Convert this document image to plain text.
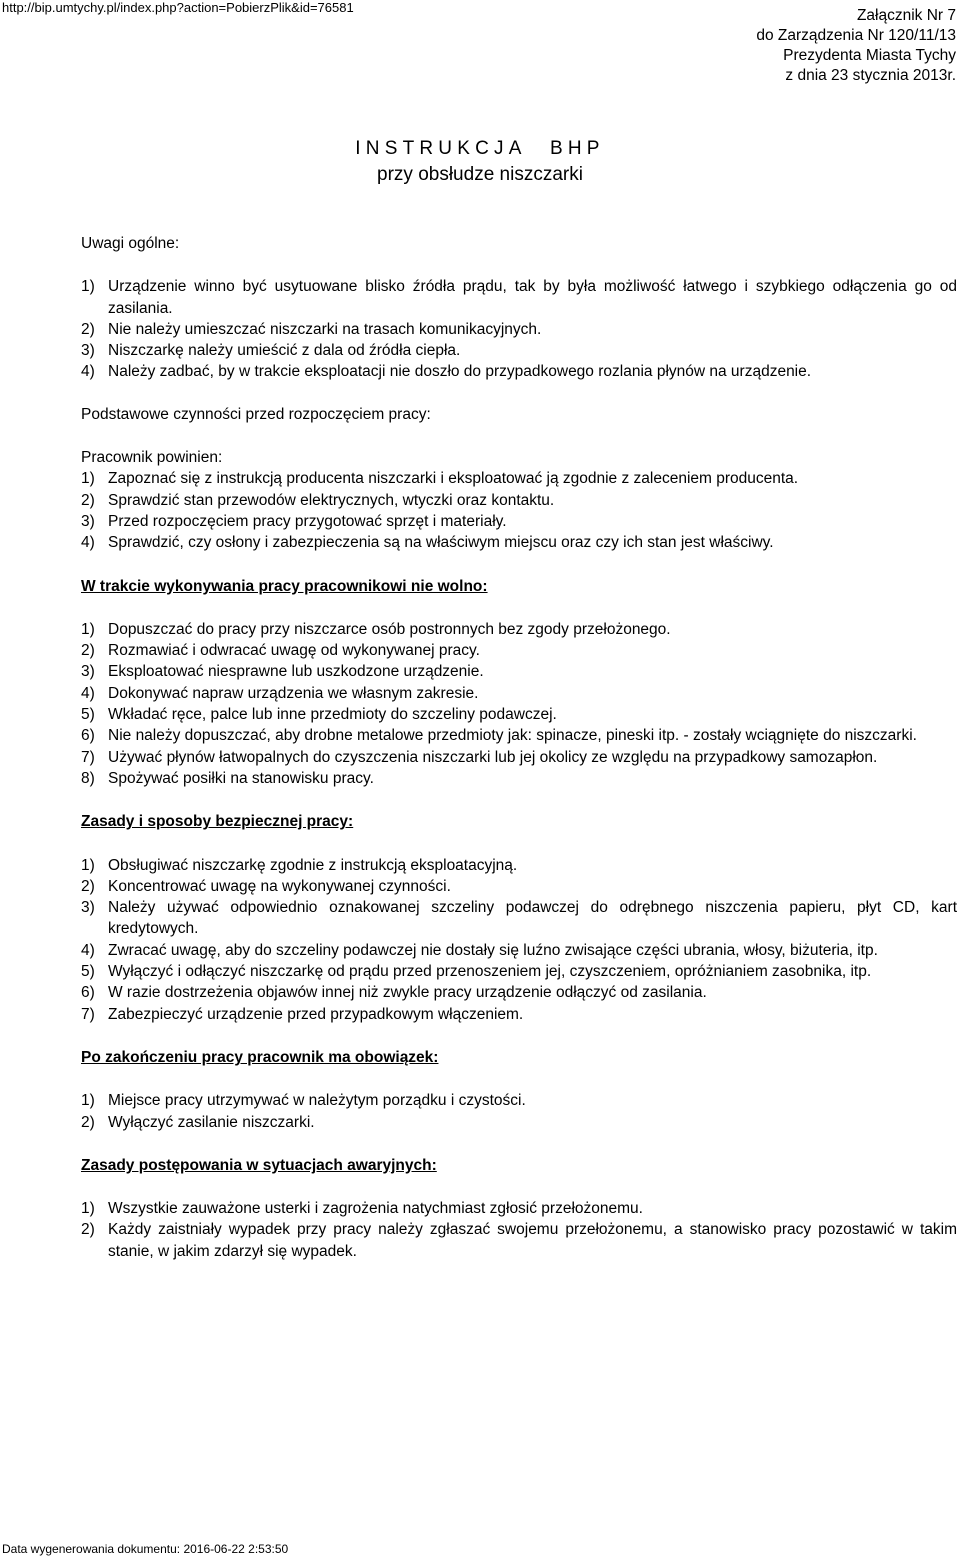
http://bip.umtychy.pl/index.php?action=PobierzPlik&id=76581	Załącznik Nr 7
do Zarządzenia Nr 120/11/13
Prezydenta Miasta Tychy
z dnia 23 stycznia 2013r.
INSTRUKCJA BHP
przy obsłudze niszczarki

Uwagi ogólne:

1) Urządzenie winno być usytuowane blisko źródła prądu, tak by była możliwość łatwego i szybkiego odłączenia go od zasilania.
2) Nie należy umieszczać niszczarki na trasach komunikacyjnych.
3) Niszczarkę należy umieścić z dala od źródła ciepła.
4) Należy zadbać, by w trakcie eksploatacji nie doszło do przypadkowego rozlania płynów na urządzenie.

Podstawowe czynności przed rozpoczęciem pracy:

Pracownik powinien:

1) Zapoznać się z instrukcją producenta niszczarki i eksploatować ją zgodnie z zaleceniem producenta.
2) Sprawdzić stan przewodów elektrycznych, wtyczki oraz kontaktu.
3) Przed rozpoczęciem pracy przygotować sprzęt i materiały.
4) Sprawdzić, czy osłony i zabezpieczenia są na właściwym miejscu oraz czy ich stan jest właściwy.

W trakcie wykonywania pracy pracownikowi nie wolno:

1) Dopuszczać do pracy przy niszczarce osób postronnych bez zgody przełożonego.
2) Rozmawiać i odwracać uwagę od wykonywanej pracy.
3) Eksploatować niesprawne lub uszkodzone urządzenie.
4) Dokonywać napraw urządzenia we własnym zakresie.
5) Wkładać ręce, palce lub inne przedmioty do szczeliny podawczej.
6) Nie należy dopuszczać, aby drobne metalowe przedmioty jak: spinacze, pineski itp. - zostały wciągnięte do niszczarki.
7) Używać płynów łatwopalnych do czyszczenia niszczarki lub jej okolicy ze względu na przypadkowy samozapłon.
8) Spożywać posiłki na stanowisku pracy.

Zasady i sposoby bezpiecznej pracy:

1) Obsługiwać niszczarkę zgodnie z instrukcją eksploatacyjną.
2) Koncentrować uwagę na wykonywanej czynności.
3) Należy używać odpowiednio oznakowanej szczeliny podawczej do odrębnego niszczenia papieru, płyt CD, kart kredytowych.
4) Zwracać uwagę, aby do szczeliny podawczej nie dostały się luźno zwisające części ubrania, włosy, biżuteria, itp.
5) Wyłączyć i odłączyć niszczarkę od prądu przed przenoszeniem jej, czyszczeniem, opróżnianiem zasobnika, itp.
6) W razie dostrzeżenia objawów innej niż zwykle pracy urządzenie odłączyć od zasilania.
7) Zabezpieczyć urządzenie przed przypadkowym włączeniem.

Po zakończeniu pracy pracownik ma obowiązek:

1) Miejsce pracy utrzymywać w należytym porządku i czystości.
2) Wyłączyć zasilanie niszczarki.

Zasady postępowania w sytuacjach awaryjnych:

1) Wszystkie zauważone usterki i zagrożenia natychmiast zgłosić przełożonemu.
2) Każdy zaistniały wypadek przy pracy należy zgłaszać swojemu przełożonemu, a stanowisko pracy pozostawić w takim stanie, w jakim zdarzył się wypadek.
Data wygenerowania dokumentu: 2016-06-22 2:53:50
